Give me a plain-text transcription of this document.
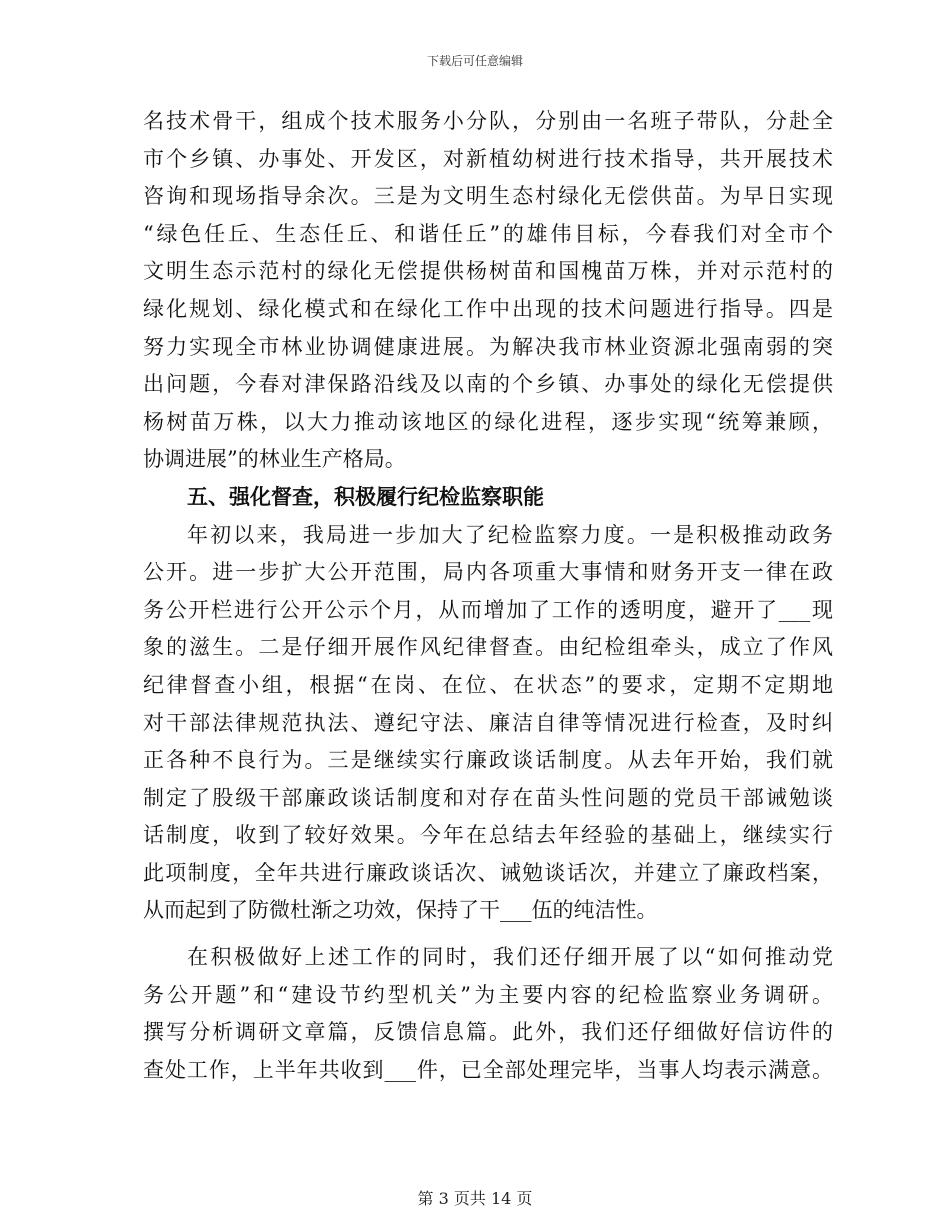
下载后可任意编辑
名技术骨干，组成个技术服务小分队，分别由一名班子带队，分赴全
市个乡镇、办事处、开发区，对新植幼树进行技术指导，共开展技术
咨询和现场指导余次。三是为文明生态村绿化无偿供苗。为早日实现
“绿色任丘、生态任丘、和谐任丘”的雄伟目标，今春我们对全市个
文明生态示范村的绿化无偿提供杨树苗和国槐苗万株，并对示范村的
绿化规划、绿化模式和在绿化工作中出现的技术问题进行指导。四是
努力实现全市林业协调健康进展。为解决我市林业资源北强南弱的突
出问题，今春对津保路沿线及以南的个乡镇、办事处的绿化无偿提供
杨树苗万株，以大力推动该地区的绿化进程，逐步实现“统筹兼顾，
协调进展”的林业生产格局。
五、强化督查，积极履行纪检监察职能
年初以来，我局进一步加大了纪检监察力度。一是积极推动政务
公开。进一步扩大公开范围，局内各项重大事情和财务开支一律在政
务公开栏进行公开公示个月，从而增加了工作的透明度，避开了___现
象的滋生。二是仔细开展作风纪律督查。由纪检组牵头，成立了作风
纪律督查小组，根据“在岗、在位、在状态”的要求，定期不定期地
对干部法律规范执法、遵纪守法、廉洁自律等情况进行检查，及时纠
正各种不良行为。三是继续实行廉政谈话制度。从去年开始，我们就
制定了股级干部廉政谈话制度和对存在苗头性问题的党员干部诫勉谈
话制度，收到了较好效果。今年在总结去年经验的基础上，继续实行
此项制度，全年共进行廉政谈话次、诫勉谈话次，并建立了廉政档案，
从而起到了防微杜渐之功效，保持了干___伍的纯洁性。
在积极做好上述工作的同时，我们还仔细开展了以“如何推动党
务公开题”和“建设节约型机关”为主要内容的纪检监察业务调研。
撰写分析调研文章篇，反馈信息篇。此外，我们还仔细做好信访件的
查处工作，上半年共收到___件，已全部处理完毕，当事人均表示满意。
第 3 页共 14 页
